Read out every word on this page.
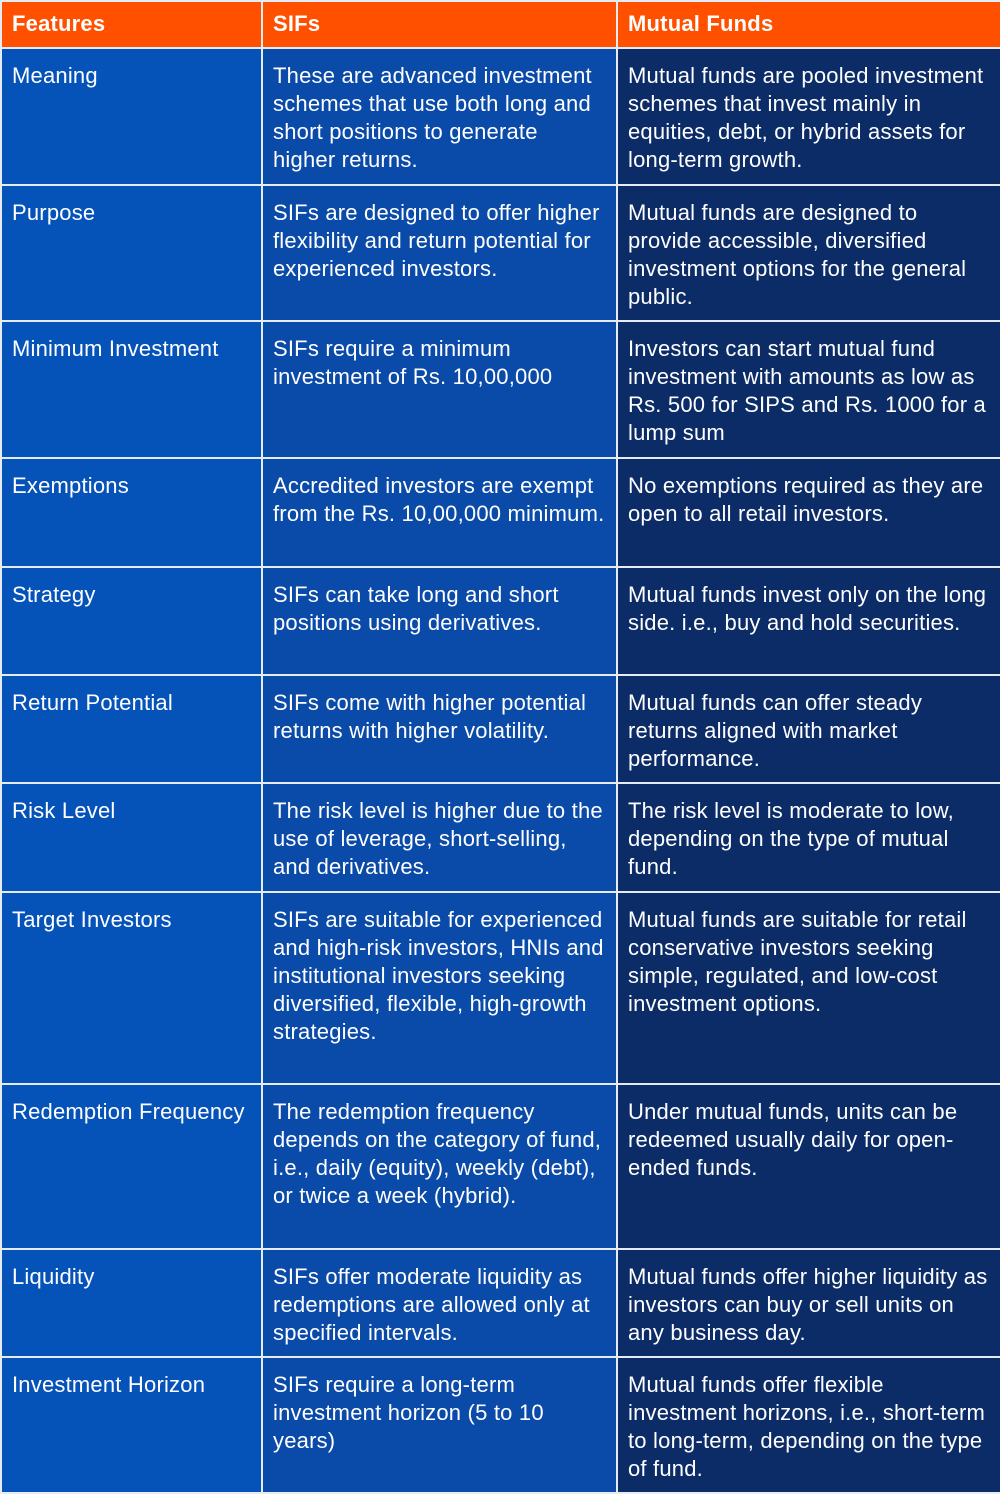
Features	SIFs	Mutual Funds
Meaning	These are advanced investment schemes that use both long and short positions to generate higher returns.	Mutual funds are pooled investment schemes that invest mainly in equities, debt, or hybrid assets for long-term growth.
Purpose	SIFs are designed to offer higher flexibility and return potential for experienced investors.	Mutual funds are designed to provide accessible, diversified investment options for the general public.
Minimum Investment	SIFs require a minimum investment of Rs. 10,00,000	Investors can start mutual fund investment with amounts as low as Rs. 500 for SIPS and Rs. 1000 for a lump sum
Exemptions	Accredited investors are exempt from the Rs. 10,00,000 minimum.	No exemptions required as they are open to all retail investors.
Strategy	SIFs can take long and short positions using derivatives.	Mutual funds invest only on the long side. i.e., buy and hold securities.
Return Potential	SIFs come with higher potential returns with higher volatility.	Mutual funds can offer steady returns aligned with market performance.
Risk Level	The risk level is higher due to the use of leverage, short-selling, and derivatives.	The risk level is moderate to low, depending on the type of mutual fund.
Target Investors	SIFs are suitable for experienced and high-risk investors, HNIs and institutional investors seeking diversified, flexible, high-growth strategies.	Mutual funds are suitable for retail conservative investors seeking simple, regulated, and low-cost investment options.
Redemption Frequency	The redemption frequency depends on the category of fund, i.e., daily (equity), weekly (debt), or twice a week (hybrid).	Under mutual funds, units can be redeemed usually daily for open-ended funds.
Liquidity	SIFs offer moderate liquidity as redemptions are allowed only at specified intervals.	Mutual funds offer higher liquidity as investors can buy or sell units on any business day.
Investment Horizon	SIFs require a long-term investment horizon (5 to 10 years)	Mutual funds offer flexible investment horizons, i.e., short-term to long-term, depending on the type of fund.
